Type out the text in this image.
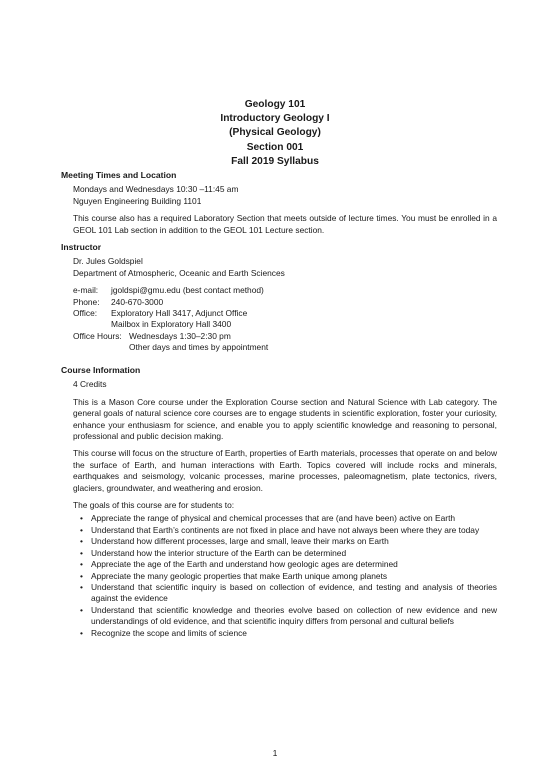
Geology 101
Introductory Geology I
(Physical Geology)
Section 001
Fall 2019 Syllabus
Meeting Times and Location
Mondays and Wednesdays 10:30 –11:45 am
Nguyen Engineering Building 1101
This course also has a required Laboratory Section that meets outside of lecture times. You must be enrolled in a GEOL 101 Lab section in addition to the GEOL 101 Lecture section.
Instructor
Dr. Jules Goldspiel
Department of Atmospheric, Oceanic and Earth Sciences
e-mail:	jgoldspi@gmu.edu (best contact method)
Phone:	240-670-3000
Office:	Exploratory Hall 3417, Adjunct Office
Mailbox in Exploratory Hall 3400
Office Hours: Wednesdays 1:30–2:30 pm
Other days and times by appointment
Course Information
4 Credits
This is a Mason Core course under the Exploration Course section and Natural Science with Lab category. The general goals of natural science core courses are to engage students in scientific exploration, foster your curiosity, enhance your enthusiasm for science, and enable you to apply scientific knowledge and reasoning to personal, professional and public decision making.
This course will focus on the structure of Earth, properties of Earth materials, processes that operate on and below the surface of Earth, and human interactions with Earth. Topics covered will include rocks and minerals, earthquakes and seismology, volcanic processes, marine processes, paleomagnetism, plate tectonics, rivers, glaciers, groundwater, and weathering and erosion.
The goals of this course are for students to:
• Appreciate the range of physical and chemical processes that are (and have been) active on Earth
• Understand that Earth’s continents are not fixed in place and have not always been where they are today
• Understand how different processes, large and small, leave their marks on Earth
• Understand how the interior structure of the Earth can be determined
• Appreciate the age of the Earth and understand how geologic ages are determined
• Appreciate the many geologic properties that make Earth unique among planets
• Understand that scientific inquiry is based on collection of evidence, and testing and analysis of theories against the evidence
• Understand that scientific knowledge and theories evolve based on collection of new evidence and new understandings of old evidence, and that scientific inquiry differs from personal and cultural beliefs
• Recognize the scope and limits of science
1
